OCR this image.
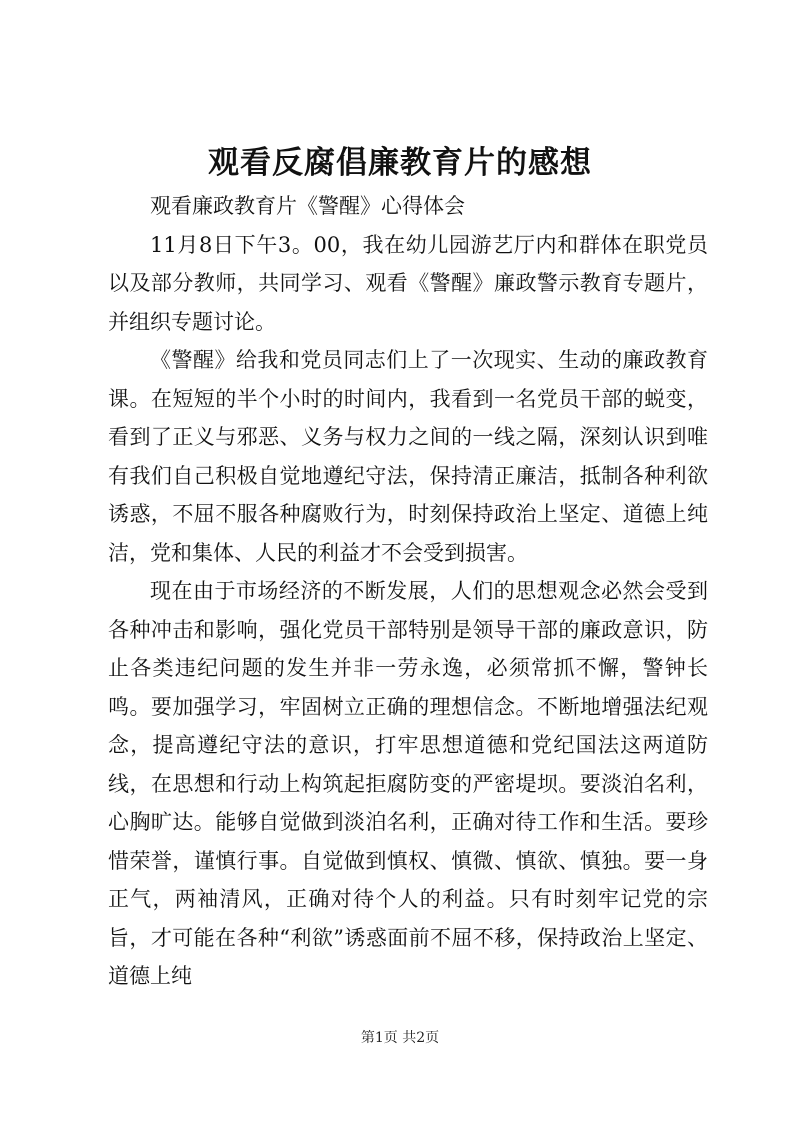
观看反腐倡廉教育片的感想

观看廉政教育片《警醒》心得体会

11月8日下午3。00，我在幼儿园游艺厅内和群体在职党员以及部分教师，共同学习、观看《警醒》廉政警示教育专题片，并组织专题讨论。

《警醒》给我和党员同志们上了一次现实、生动的廉政教育课。在短短的半个小时的时间内，我看到一名党员干部的蜕变，看到了正义与邪恶、义务与权力之间的一线之隔，深刻认识到唯有我们自己积极自觉地遵纪守法，保持清正廉洁，抵制各种利欲诱惑，不屈不服各种腐败行为，时刻保持政治上坚定、道德上纯洁，党和集体、人民的利益才不会受到损害。

现在由于市场经济的不断发展，人们的思想观念必然会受到各种冲击和影响，强化党员干部特别是领导干部的廉政意识，防止各类违纪问题的发生并非一劳永逸，必须常抓不懈，警钟长鸣。要加强学习，牢固树立正确的理想信念。不断地增强法纪观念，提高遵纪守法的意识，打牢思想道德和党纪国法这两道防线，在思想和行动上构筑起拒腐防变的严密堤坝。要淡泊名利，心胸旷达。能够自觉做到淡泊名利，正确对待工作和生活。要珍惜荣誉，谨慎行事。自觉做到慎权、慎微、慎欲、慎独。要一身正气，两袖清风，正确对待个人的利益。只有时刻牢记党的宗旨，才可能在各种“利欲”诱惑面前不屈不移，保持政治上坚定、道德上纯

第1页 共2页
